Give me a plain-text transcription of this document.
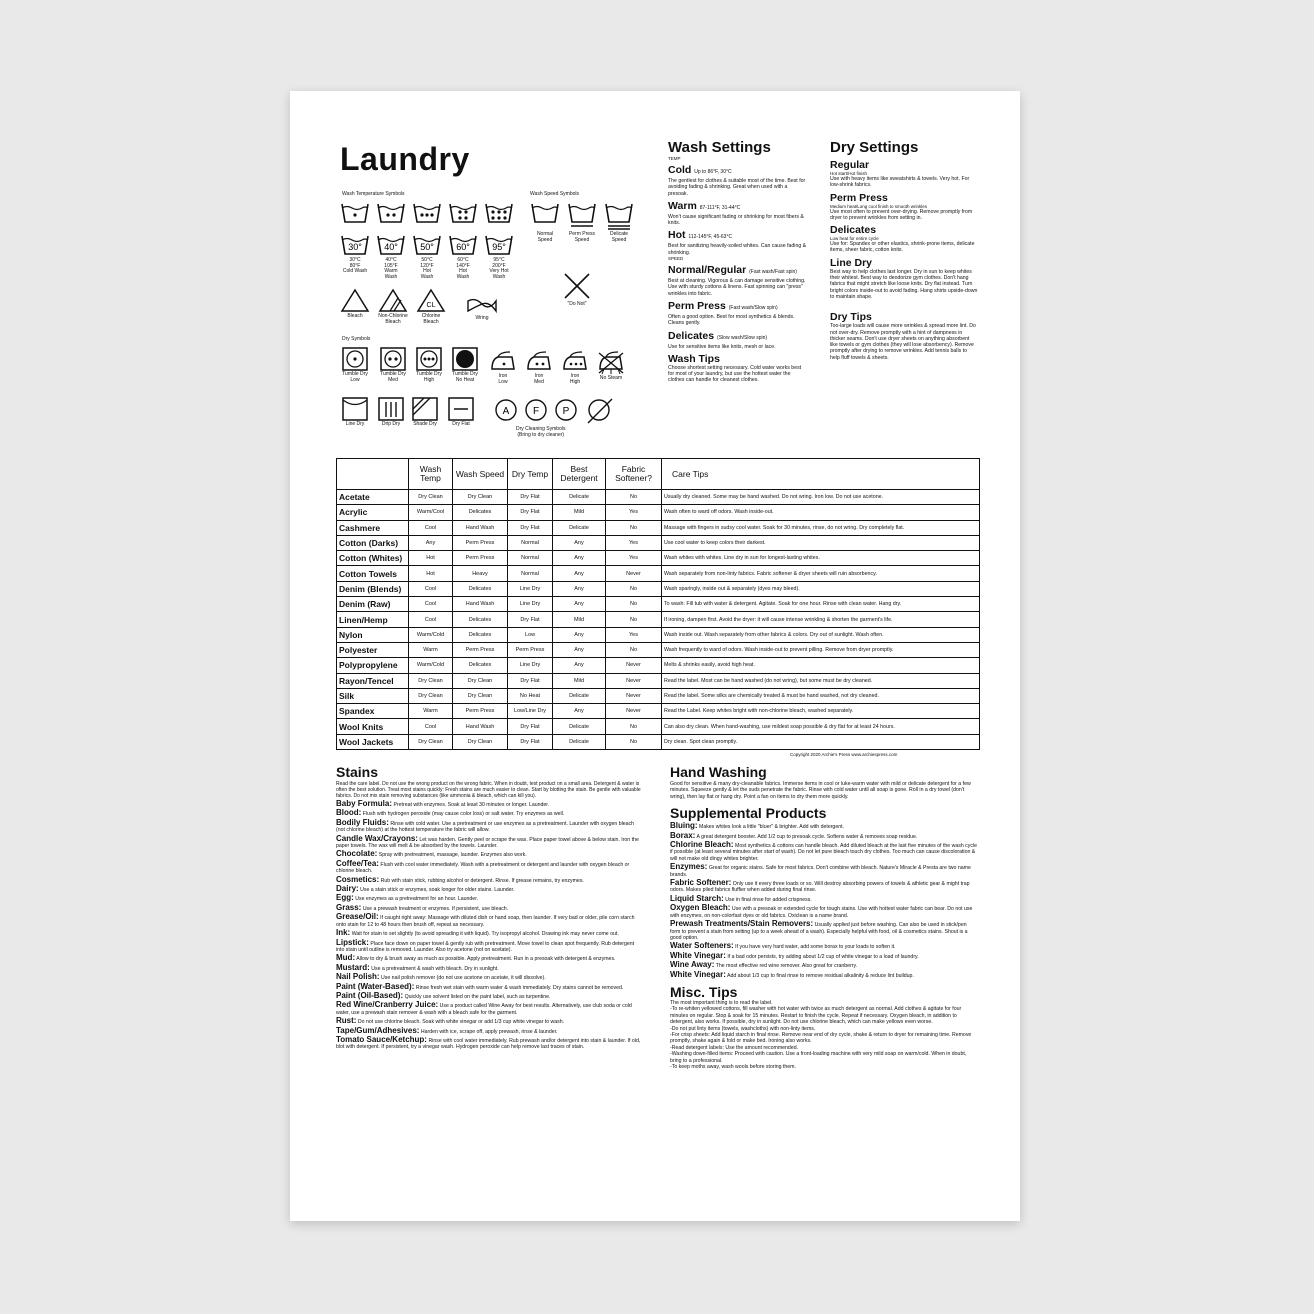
Laundry
Wash Temperature Symbols	Wash Speed Symbols
30°
30°C
80°F
Cold Wash
40°
40°C
105°F
Warm
Wash
50°
50°C
120°F
Hot
Wash
60°
60°C
140°F
Hot
Wash
95°
95°C
200°F
Very Hot
Wash
Normal
Speed
Perm Press
Speed
Delicate
Speed
Bleach	Non-Chlorine
Bleach
CL
Chlorine
Bleach
Wring
"Do Not"
Tumble Dry
Low
Tumble Dry
Med
Tumble Dry
High
Tumble Dry
No Heat
Iron
Low
Iron
Med
Iron
High
No Steam
Line Dry	Drip Dry	Shade Dry	Dry Flat
A F P
Dry Cleaning Symbols
(Bring to dry cleaner)
Dry Symbols
Wash Settings
TEMP
Cold Up to 86°F, 30°C
The gentlest for clothes & suitable most of the time. Best for avoiding fading & shrinking. Great when used with a presoak.
Warm 87-111°F, 31-44°C
Won't cause significant fading or shrinking for most fibers & knits.
Hot 112-145°F, 45-63°C
Best for sanitizing heavily-soiled whites. Can cause fading & shrinking.
SPEED
Normal/Regular (Fast wash/Fast spin)
Best at cleaning. Vigorous & can damage sensitive clothing. Use with sturdy cottons & linens. Fast spinning can "press" wrinkles into fabric.
Perm Press (Fast wash/Slow spin)
Often a good option. Best for most synthetics & blends. Cleans gently.
Delicates (Slow wash/Slow spin)
Use for sensitive items like knits, mesh or lace.
Wash Tips
Choose shortest setting necessary. Cold water works best for most of your laundry, but use the hottest water the clothes can handle for cleanest clothes.
Dry Settings
Regular
Hot start/Hot finish
Use with heavy items like sweatshirts & towels. Very hot. For low-shrink fabrics.
Perm Press
Medium heat/Long cool finish to smooth wrinkles
Use most often to prevent over-drying. Remove promptly from dryer to prevent wrinkles from setting in.
Delicates
Low heat for entire cycle
Use for: Spandex or other elastics, shrink-prone items, delicate items, sheer fabric, cotton knits.
Line Dry
Best way to help clothes last longer. Dry in sun to keep whites their whitest. Best way to deodorize gym clothes. Don't hang fabrics that might stretch like loose knits. Dry flat instead. Turn bright colors inside-out to avoid fading. Hang shirts upside-down to maintain shape.
Dry Tips
Too-large loads will cause more wrinkles & spread more lint. Do not over-dry. Remove promptly with a hint of dampness in thicker seams. Don't use dryer sheets on anything absorbent like towels or gym clothes (they will lose absorbency). Remove promptly after drying to remove wrinkles. Add tennis balls to help fluff towels & sheets.
	Wash Temp	Wash Speed	Dry Temp	Best Detergent	Fabric Softener?	Care Tips
Acetate	Dry Clean	Dry Clean	Dry Flat	Delicate	No	Usually dry cleaned. Some may be hand washed. Do not wring. Iron low. Do not use acetone.
Acrylic	Warm/Cool	Delicates	Dry Flat	Mild	Yes	Wash often to ward off odors. Wash inside-out.
Cashmere	Cool	Hand Wash	Dry Flat	Delicate	No	Massage with fingers in sudsy cool water. Soak for 30 minutes, rinse, do not wring. Dry completely flat.
Cotton (Darks)	Any	Perm Press	Normal	Any	Yes	Use cool water to keep colors their darkest.
Cotton (Whites)	Hot	Perm Press	Normal	Any	Yes	Wash whites with whites. Line dry in sun for longest-lasting whites.
Cotton Towels	Hot	Heavy	Normal	Any	Never	Wash separately from non-linty fabrics. Fabric softener & dryer sheets will ruin absorbency.
Denim (Blends)	Cool	Delicates	Line Dry	Any	No	Wash sparingly, inside out & separately (dyes may bleed).
Denim (Raw)	Cool	Hand Wash	Line Dry	Any	No	To wash: Fill tub with water & detergent. Agitate. Soak for one hour. Rinse with clean water. Hang dry.
Linen/Hemp	Cool	Delicates	Dry Flat	Mild	No	If ironing, dampen first. Avoid the dryer: it will cause intense wrinkling & shorten the garment's life.
Nylon	Warm/Cold	Delicates	Low	Any	Yes	Wash inside out. Wash separately from other fabrics & colors. Dry out of sunlight. Wash often.
Polyester	Warm	Perm Press	Perm Press	Any	No	Wash frequently to ward of odors. Wash inside-out to prevent pilling. Remove from dryer promptly.
Polypropylene	Warm/Cold	Delicates	Line Dry	Any	Never	Melts & shrinks easily, avoid high heat.
Rayon/Tencel	Dry Clean	Dry Clean	Dry Flat	Mild	Never	Read the label. Most can be hand washed (do not wring), but some must be dry cleaned.
Silk	Dry Clean	Dry Clean	No Heat	Delicate	Never	Read the label. Some silks are chemically treated & must be hand washed, not dry cleaned.
Spandex	Warm	Perm Press	Low/Line Dry	Any	Never	Read the Label. Keep whites bright with non-chlorine bleach, washed separately.
Wool Knits	Cool	Hand Wash	Dry Flat	Delicate	No	Can also dry clean. When hand-washing, use mildest soap possible & dry flat for at least 24 hours.
Wool Jackets	Dry Clean	Dry Clean	Dry Flat	Delicate	No	Dry clean. Spot clean promptly.
Copyright 2020 Archie's Press www.archiespress.com
Stains
Read the care label. Do not use the wrong product on the wrong fabric. When in doubt, test product on a small area. Detergent & water is often the best solution. Treat most stains quickly: Fresh stains are much easier to clean. Start by blotting the stain. Be gentle with valuable fabrics. Do not mix stain removing substances (like ammonia & bleach, which can kill you).
Baby Formula: Pretreat with enzymes. Soak at least 30 minutes or longer. Launder.
Blood: Flush with hydrogen peroxide (may cause color loss) or salt water. Try enzymes as well.
Bodily Fluids: Rinse with cold water. Use a pretreatment or use enzymes as a pretreatment. Launder with oxygen bleach (not chlorine bleach) at the hottest temperature the fabric will allow.
Candle Wax/Crayons: Let wax harden. Gently peel or scrape the wax. Place paper towel above & below stain. Iron the paper towels. The wax will melt & be absorbed by the towels. Launder.
Chocolate: Spray with pretreatment, massage, launder. Enzymes also work.
Coffee/Tea: Flush with cool water immediately. Wash with a pretreatment or detergent and launder with oxygen bleach or chlorine bleach.
Cosmetics: Rub with stain stick, rubbing alcohol or detergent. Rinse. If grease remains, try enzymes.
Dairy: Use a stain stick or enzymes, soak longer for older stains. Launder.
Egg: Use enzymes as a pretreatment for an hour. Launder.
Grass: Use a prewash treatment or enzymes. If persistent, use bleach.
Grease/Oil: If caught right away: Massage with diluted dish or hand soap, then launder. If very bad or older, pile corn starch onto stain for 12 to 48 hours then brush off, repeat as necessary.
Ink: Wait for stain to set slightly (to avoid spreading it with liquid). Try isopropyl alcohol. Drawing ink may never come out.
Lipstick: Place face down on paper towel & gently rub with pretreatment. Move towel to clean spot frequently. Rub detergent into stain until outline is removed. Launder. Also try acetone (not on acetate).
Mud: Allow to dry & brush away as much as possible. Apply pretreatment. Run in a presoak with detergent & enzymes.
Mustard: Use a pretreatment & wash with bleach. Dry in sunlight.
Nail Polish: Use nail polish remover (do not use acetone on acetate, it will dissolve).
Paint (Water-Based): Rinse fresh wet stain with warm water & wash immediately. Dry stains cannot be removed.
Paint (Oil-Based): Quickly use solvent listed on the paint label, such as turpentine.
Red Wine/Cranberry Juice: Use a product called Wine Away for best results. Alternatively, use club soda or cold water, use a prewash stain remover & wash with a bleach safe for the garment.
Rust: Do not use chlorine bleach. Soak with white vinegar or add 1/3 cup white vinegar to wash.
Tape/Gum/Adhesives: Harden with ice, scrape off, apply prewash, rinse & launder.
Tomato Sauce/Ketchup: Rinse with cool water immediately. Rub prewash and/or detergent into stain & launder. If old, blot with detergent. If persistent, try a vinegar wash. Hydrogen peroxide can help remove last traces of stain.
Hand Washing
Good for sensitive & many dry-cleanable fabrics. Immerse items in cool or luke-warm water with mild or delicate detergent for a few minutes. Squeeze gently & let the suds penetrate the fabric. Rinse with cold water until all soap is gone. Roll in a dry towel (don't wring), then lay flat or hang dry. Point a fan on items to dry them more quickly.
Supplemental Products
Bluing: Makes whites look a little "bluer" & brighter. Add with detergent.
Borax: A great detergent booster. Add 1/2 cup to presoak cycle. Softens water & removes soap residue.
Chlorine Bleach: Most synthetics & cottons can handle bleach. Add diluted bleach at the last five minutes of the wash cycle if possible (at least several minutes after start of wash). Do not let pure bleach touch dry clothes. Too much can cause discoloration & will not make old dingy whites brighter.
Enzymes: Great for organic stains. Safe for most fabrics. Don't combine with bleach. Nature's Miracle & Presta are two name brands.
Fabric Softener: Only use it every three loads or so. Will destroy absorbing powers of towels & athletic gear & might trap odors. Makes piled fabrics fluffier when added during final rinse.
Liquid Starch: Use in final rinse for added crispness.
Oxygen Bleach: Use with a presoak or extended cycle for tough stains. Use with hottest water fabric can bear. Do not use with enzymes, on non-colorfast dyes or old fabrics. Oxiclean is a name brand.
Prewash Treatments/Stain Removers: Usually applied just before washing. Can also be used in stick/pen form to prevent a stain from setting (up to a week ahead of a wash). Especially helpful with food, oil & cosmetics stains. Shout is a good option.
Water Softeners: If you have very hard water, add some borax to your loads to soften it.
White Vinegar: If a bad odor persists, try adding about 1/2 cup of white vinegar to a load of laundry.
Wine Away: The most effective red wine remover. Also great for cranberry.
White Vinegar: Add about 1/3 cup to final rinse to remove residual alkalinity & reduce lint buildup.
Misc. Tips
The most important thing is to read the label.
-To re-whiten yellowed cottons, fill washer with hot water with twice as much detergent as normal. Add clothes & agitate for four minutes on regular. Stop & soak for 15 minutes. Restart to finish the cycle. Repeat if necessary. Oxygen bleach, in addition to detergent, also works. If possible, dry in sunlight. Do not use chlorine bleach, which can make yellows even worse.
-Do not put linty items (towels, washcloths) with non-linty items.
-For crisp sheets: Add liquid starch in final rinse. Remove near end of dry cycle, shake & return to dryer for remaining time. Remove promptly, shake again & fold or make bed. Ironing also works.
-Read detergent labels: Use the amount recommended.
-Washing down-filled items: Proceed with caution. Use a front-loading machine with very mild soap on warm/cold. When in doubt, bring to a professional.
-To keep moths away, wash wools before storing them.
